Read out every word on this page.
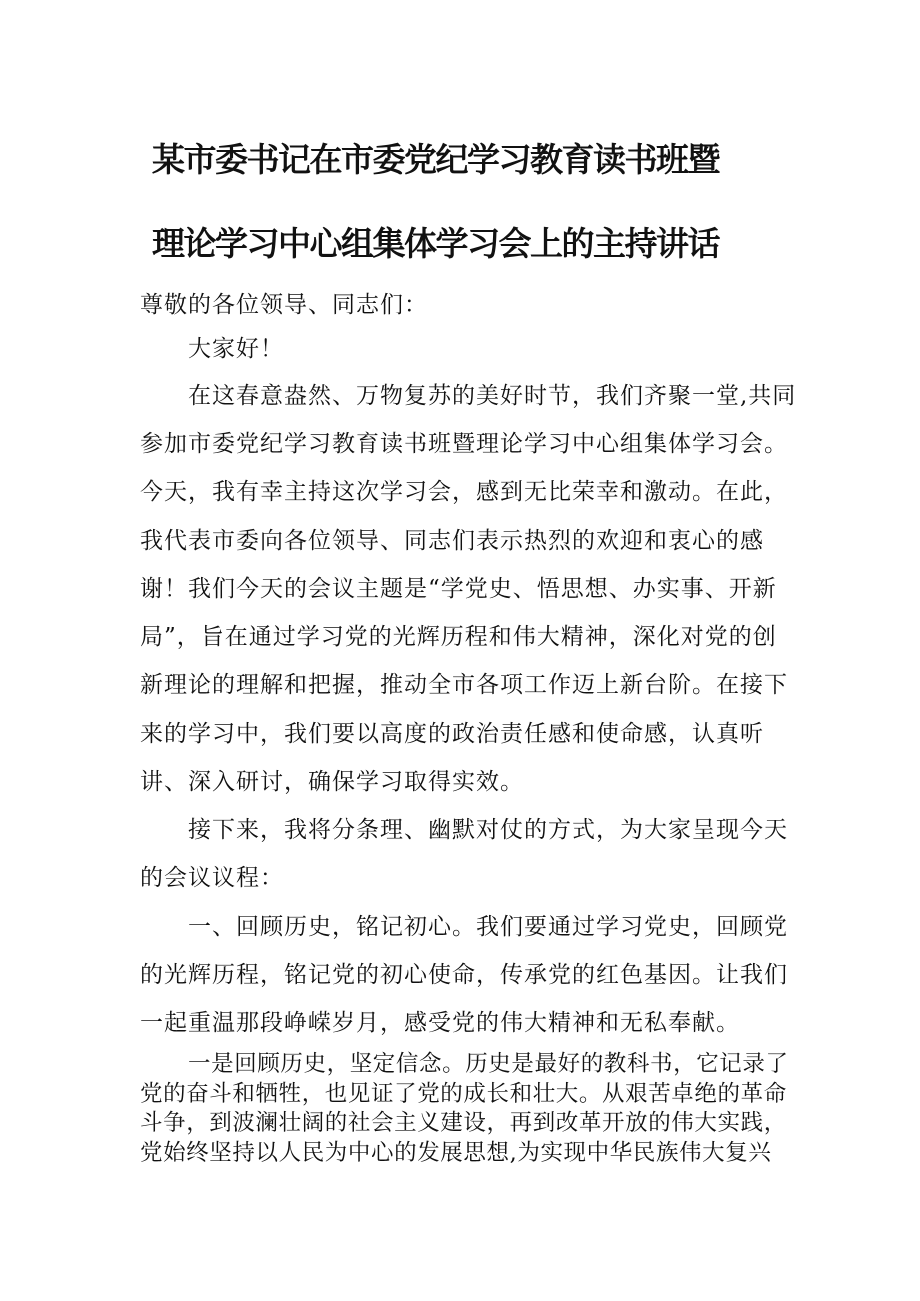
某市委书记在市委党纪学习教育读书班暨
理论学习中心组集体学习会上的主持讲话

尊敬的各位领导、同志们：

大家好！

在这春意盎然、万物复苏的美好时节，我们齐聚一堂,共同参加市委党纪学习教育读书班暨理论学习中心组集体学习会。今天，我有幸主持这次学习会，感到无比荣幸和激动。在此，我代表市委向各位领导、同志们表示热烈的欢迎和衷心的感谢！ 我们今天的会议主题是“学党史、悟思想、办实事、开新局”，旨在通过学习党的光辉历程和伟大精神，深化对党的创新理论的理解和把握，推动全市各项工作迈上新台阶。在接下来的学习中，我们要以高度的政治责任感和使命感，认真听讲、深入研讨，确保学习取得实效。

接下来，我将分条理、幽默对仗的方式，为大家呈现今天的会议议程：

一、回顾历史，铭记初心。我们要通过学习党史，回顾党的光辉历程，铭记党的初心使命，传承党的红色基因。让我们一起重温那段峥嵘岁月，感受党的伟大精神和无私奉献。

一是回顾历史，坚定信念。历史是最好的教科书，它记录了党的奋斗和牺牲，也见证了党的成长和壮大。从艰苦卓绝的革命斗争，到波澜壮阔的社会主义建设，再到改革开放的伟大实践，党始终坚持以人民为中心的发展思想,为实现中华民族伟大复兴
